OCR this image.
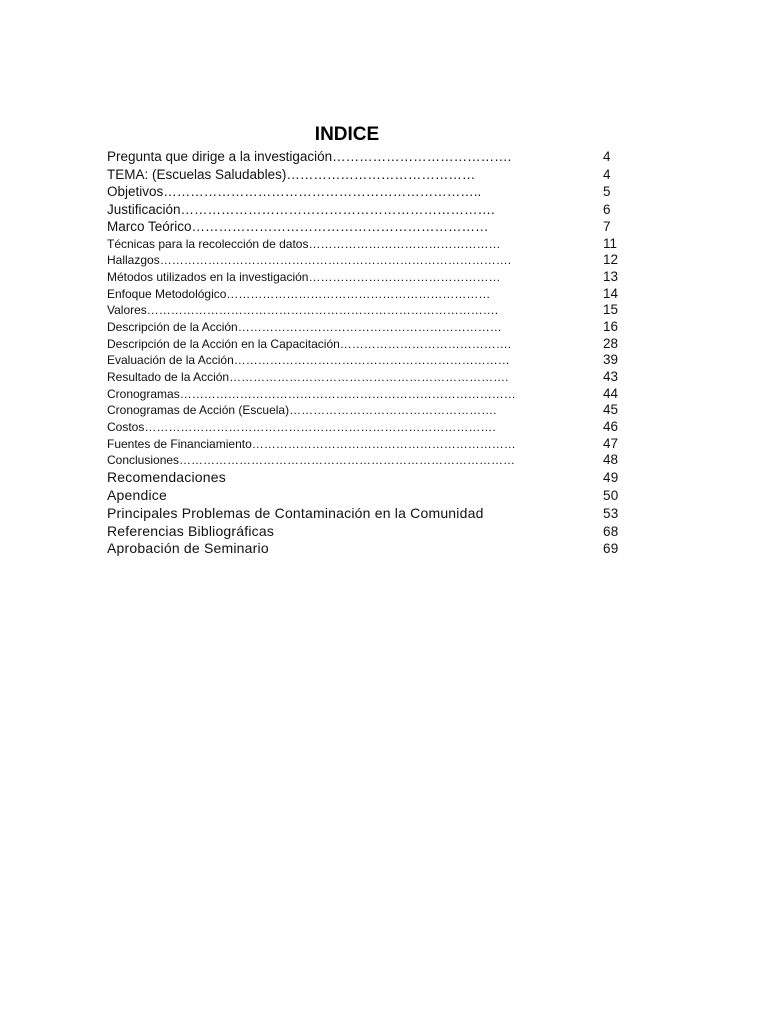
INDICE
Pregunta que dirige a la investigación………………………………….	4
TEMA: (Escuelas Saludables)……………………………………	4
Objetivos……………………………………………………………..	5
Justificación…………………………………………………………….	6
Marco Teórico…………………………………………………………	7
Técnicas para la recolección de datos…………………………………………	11
Hallazgos…………………………………………………………………………….	12
Métodos utilizados en la investigación…………………………………………	13
Enfoque Metodológico…………………………………………………………	14
Valores…………………………………………………………………………….	15
Descripción de la Acción…………………………………………………………	16
Descripción de la Acción en la Capacitación…………………………………….	28
Evaluación de la Acción……………………………………………………………	39
Resultado de la Acción…………………………………………………………….	43
Cronogramas…………………………………………………………………………	44
Cronogramas de Acción (Escuela)…………………………………………….	45
Costos…………………………………………………………………………….	46
Fuentes de Financiamiento…………………………………………………………	47
Conclusiones…………………………………………………………………………	48
Recomendaciones	49
Apendice	50
Principales Problemas de Contaminación en la Comunidad	53
Referencias Bibliográficas	68
Aprobación de Seminario	69
